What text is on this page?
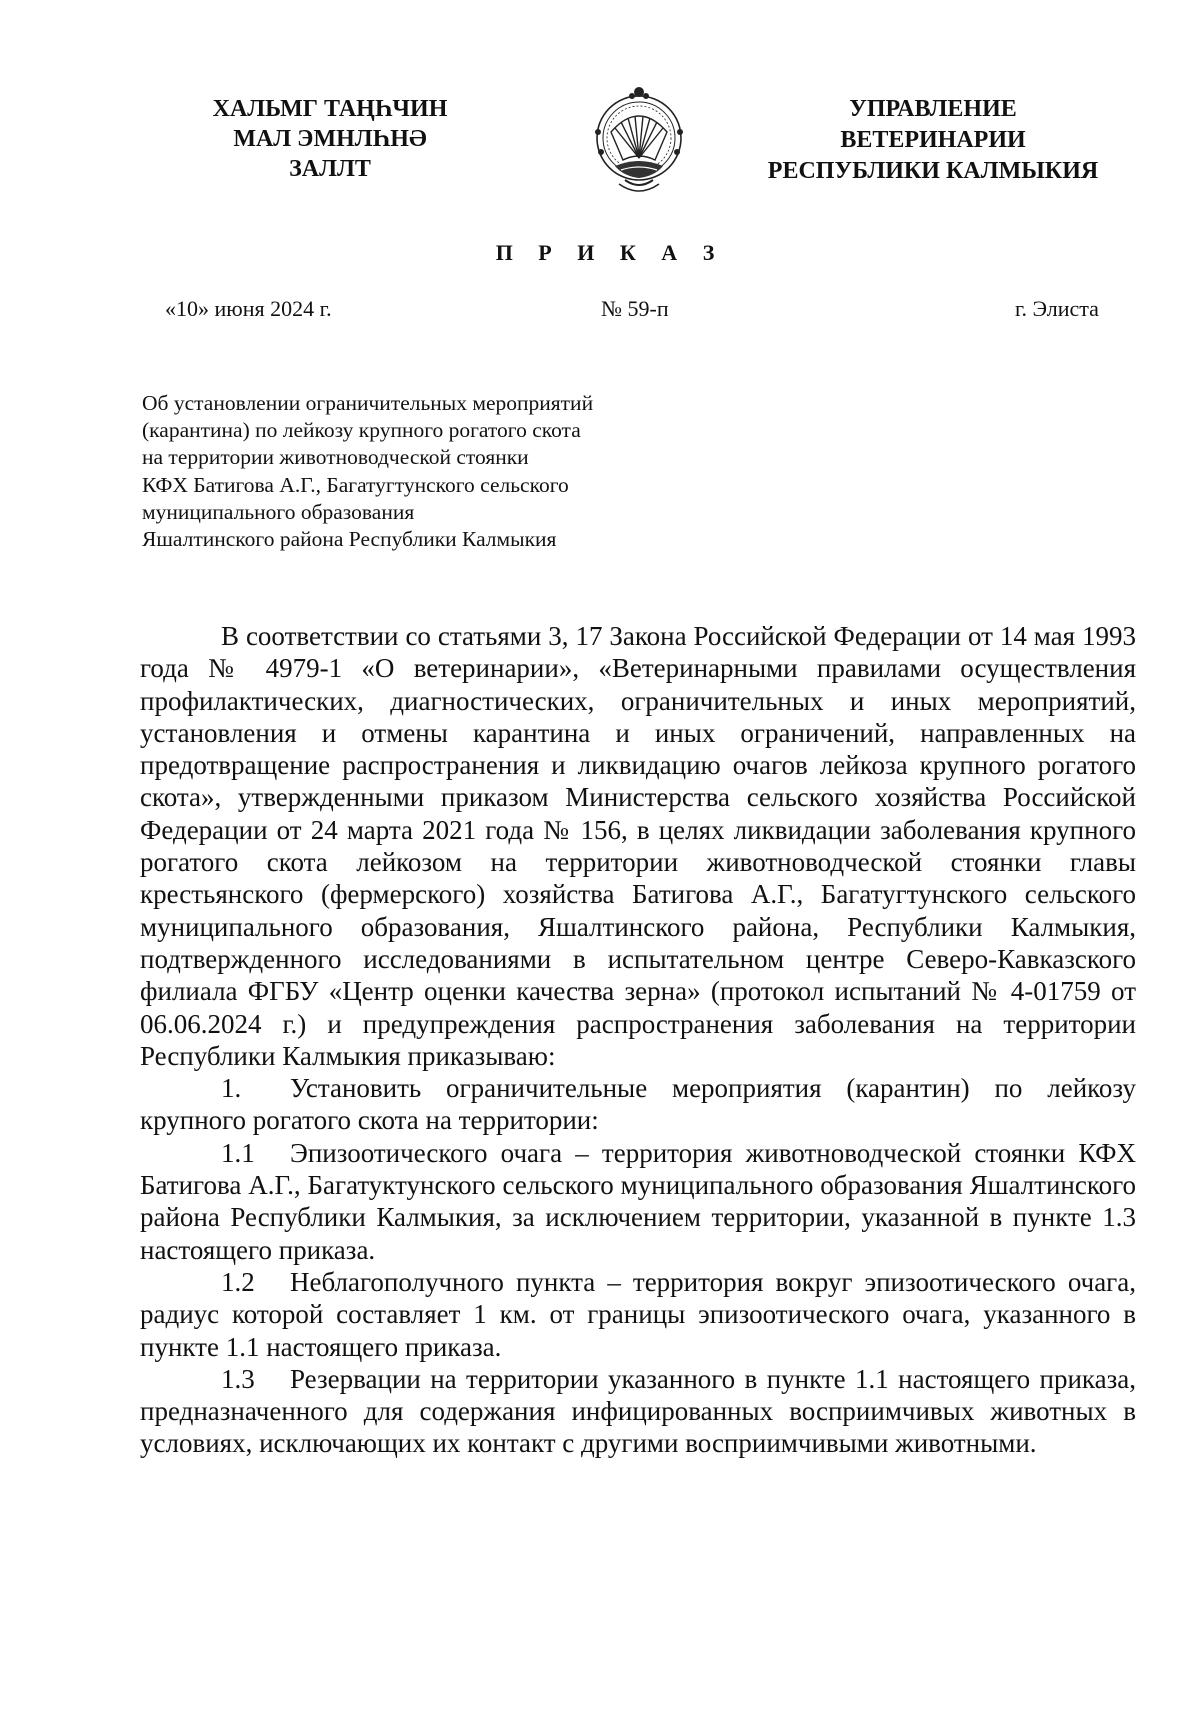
ХАЛЬМГ ТАҢҺЧИН
МАЛ ЭМНЛҺНӘ
ЗАЛЛТ
УПРАВЛЕНИЕ
ВЕТЕРИНАРИИ
РЕСПУБЛИКИ КАЛМЫКИЯ
П Р И К А З
«10» июня 2024 г.	№ 59-п	г. Элиста
Об установлении ограничительных мероприятий
(карантина) по лейкозу крупного рогатого скота
на территории животноводческой стоянки
КФХ Батигова А.Г., Багатугтунского сельского
муниципального образования
Яшалтинского района Республики Калмыкия

В соответствии со статьями 3, 17 Закона Российской Федерации от 14 мая 1993 года № 4979-1 «О ветеринарии», «Ветеринарными правилами осуществления профилактических, диагностических, ограничительных и иных мероприятий, установления и отмены карантина и иных ограничений, направленных на предотвращение распространения и ликвидацию очагов лейкоза крупного рогатого скота», утвержденными приказом Министерства сельского хозяйства Российской Федерации от 24 марта 2021 года № 156, в целях ликвидации заболевания крупного рогатого скота лейкозом на территории животноводческой стоянки главы крестьянского (фермерского) хозяйства Батигова А.Г., Багатугтунского сельского муниципального образования, Яшалтинского района, Республики Калмыкия, подтвержденного исследованиями в испытательном центре Северо-Кавказского филиала ФГБУ «Центр оценки качества зерна» (протокол испытаний № 4-01759 от 06.06.2024 г.) и предупреждения распространения заболевания на территории Республики Калмыкия приказываю:

1. Установить ограничительные мероприятия (карантин) по лейкозу крупного рогатого скота на территории:

1.1 Эпизоотического очага – территория животноводческой стоянки КФХ Батигова А.Г., Багатуктунского сельского муниципального образования Яшалтинского района Республики Калмыкия, за исключением территории, указанной в пункте 1.3 настоящего приказа.

1.2 Неблагополучного пункта – территория вокруг эпизоотического очага, радиус которой составляет 1 км. от границы эпизоотического очага, указанного в пункте 1.1 настоящего приказа.

1.3 Резервации на территории указанного в пункте 1.1 настоящего приказа, предназначенного для содержания инфицированных восприимчивых животных в условиях, исключающих их контакт с другими восприимчивыми животными.
